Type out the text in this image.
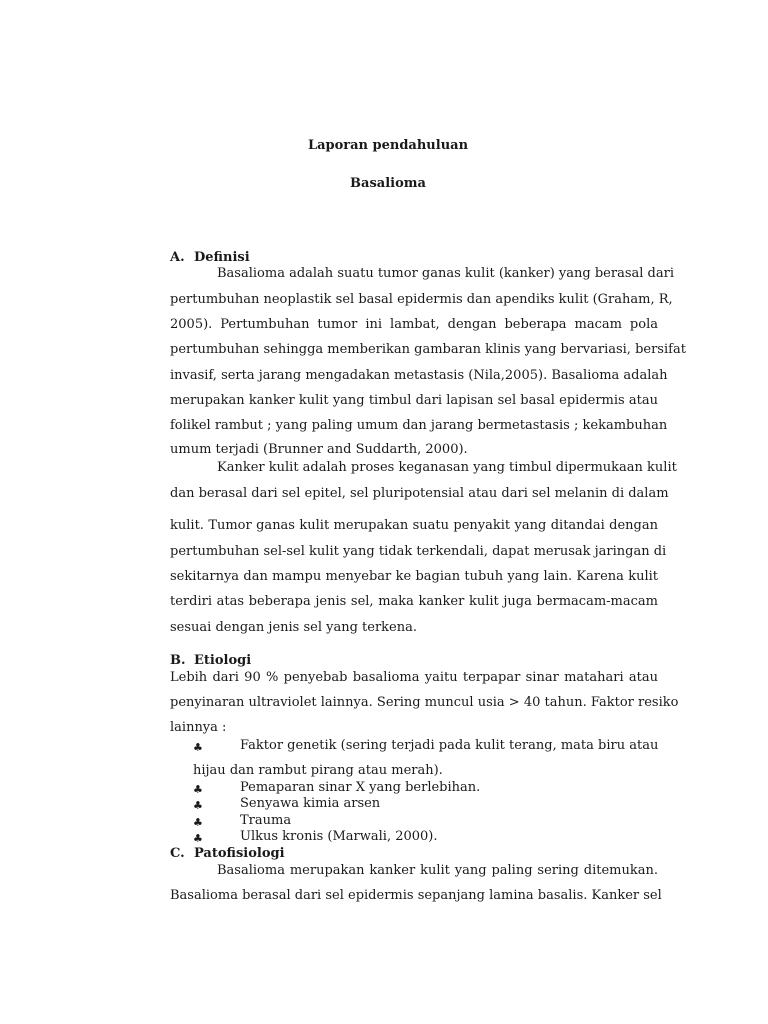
Laporan pendahuluan

Basalioma

A. Definisi

Basalioma adalah suatu tumor ganas kulit (kanker) yang berasal dari

pertumbuhan neoplastik sel basal epidermis dan apendiks kulit (Graham, R,

2005). Pertumbuhan tumor ini lambat, dengan beberapa macam pola

pertumbuhan sehingga memberikan gambaran klinis yang bervariasi, bersifat

invasif, serta jarang mengadakan metastasis (Nila,2005). Basalioma adalah

merupakan kanker kulit yang timbul dari lapisan sel basal epidermis atau

folikel rambut ; yang paling umum dan jarang bermetastasis ; kekambuhan

umum terjadi (Brunner and Suddarth, 2000).

Kanker kulit adalah proses keganasan yang timbul dipermukaan kulit

dan berasal dari sel epitel, sel pluripotensial atau dari sel melanin di dalam

kulit. Tumor ganas kulit merupakan suatu penyakit yang ditandai dengan

pertumbuhan sel-sel kulit yang tidak terkendali, dapat merusak jaringan di

sekitarnya dan mampu menyebar ke bagian tubuh yang lain. Karena kulit

terdiri atas beberapa jenis sel, maka kanker kulit juga bermacam-macam

sesuai dengan jenis sel yang terkena.

B. Etiologi

Lebih dari 90 % penyebab basalioma yaitu terpapar sinar matahari atau

penyinaran ultraviolet lainnya. Sering muncul usia > 40 tahun. Faktor resiko

lainnya :

♣	Faktor genetik (sering terjadi pada kulit terang, mata biru atau

hijau dan rambut pirang atau merah).

♣	Pemaparan sinar X yang berlebihan.

♣	Senyawa kimia arsen

♣	Trauma

♣	Ulkus kronis (Marwali, 2000).

C. Patofisiologi

Basalioma merupakan kanker kulit yang paling sering ditemukan.

Basalioma berasal dari sel epidermis sepanjang lamina basalis. Kanker sel
